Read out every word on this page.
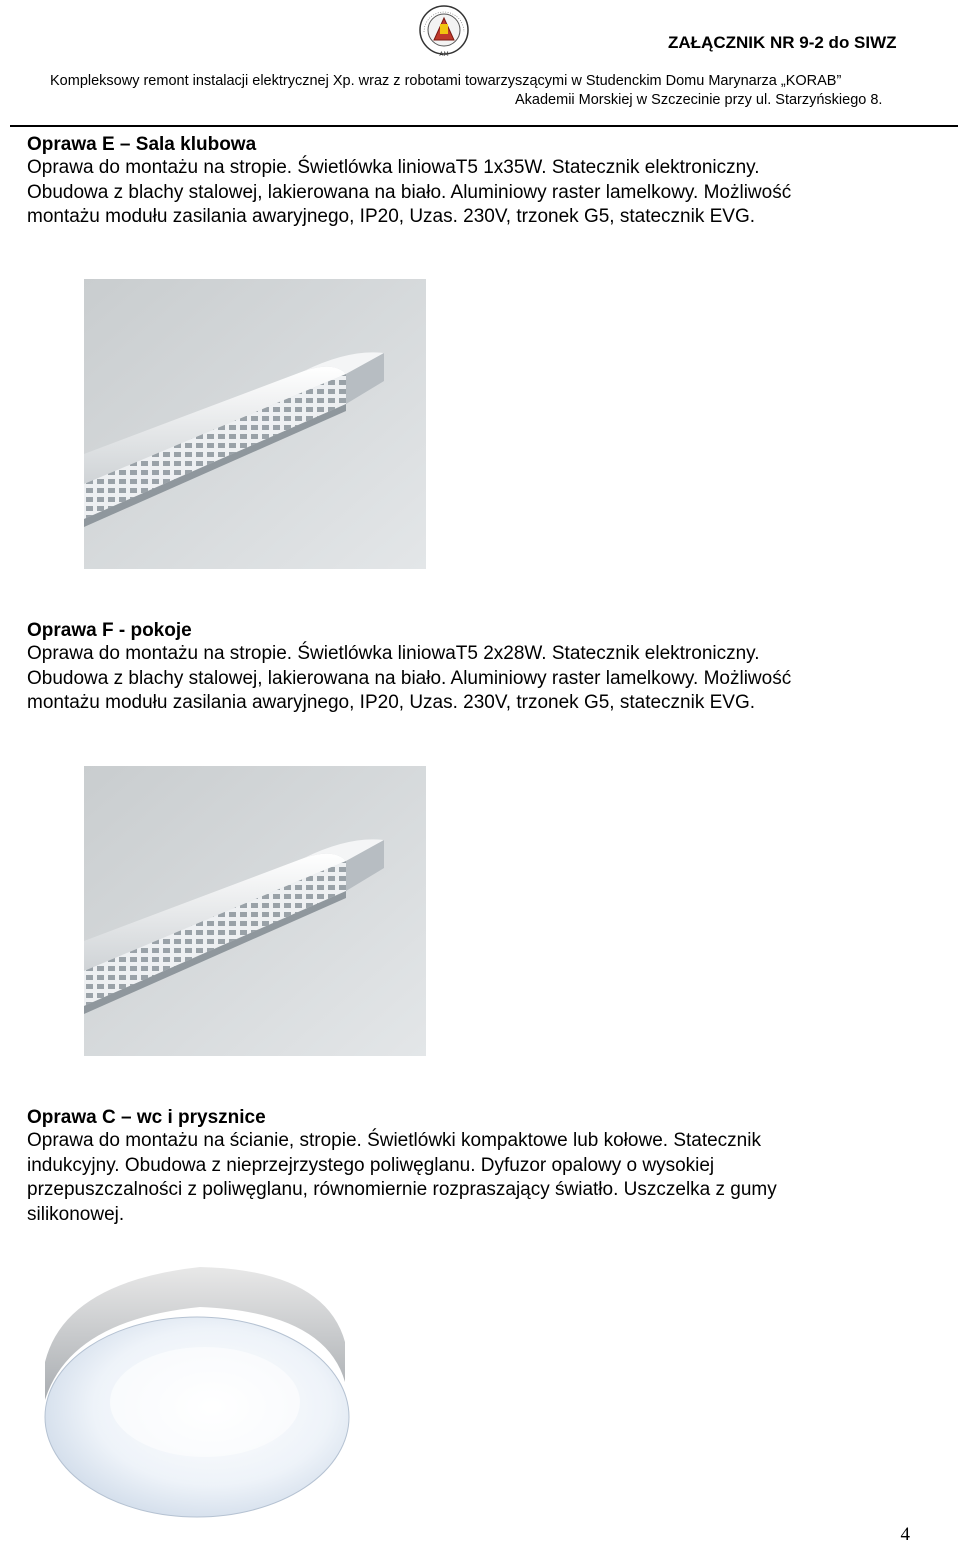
AM
ZAŁĄCZNIK NR 9-2 do SIWZ
Kompleksowy remont instalacji elektrycznej Xp. wraz z robotami towarzyszącymi w Studenckim Domu Marynarza „KORAB”
Akademii Morskiej w Szczecinie przy ul. Starzyńskiego 8.
Oprawa E – Sala klubowa
Oprawa do montażu na stropie. Świetlówka liniowaT5 1x35W. Statecznik elektroniczny.
Obudowa z blachy stalowej, lakierowana na biało. Aluminiowy raster lamelkowy. Możliwość
montażu modułu zasilania awaryjnego, IP20, Uzas. 230V, trzonek G5, statecznik EVG.
Oprawa F - pokoje
Oprawa do montażu na stropie. Świetlówka liniowaT5 2x28W. Statecznik elektroniczny.
Obudowa z blachy stalowej, lakierowana na biało. Aluminiowy raster lamelkowy. Możliwość
montażu modułu zasilania awaryjnego, IP20, Uzas. 230V, trzonek G5, statecznik EVG.
Oprawa C – wc i prysznice
Oprawa do montażu na ścianie, stropie. Świetlówki kompaktowe lub kołowe. Statecznik
indukcyjny. Obudowa z nieprzejrzystego poliwęglanu. Dyfuzor opalowy o wysokiej
przepuszczalności z poliwęglanu, równomiernie rozpraszający światło. Uszczelka z gumy
silikonowej.
4
